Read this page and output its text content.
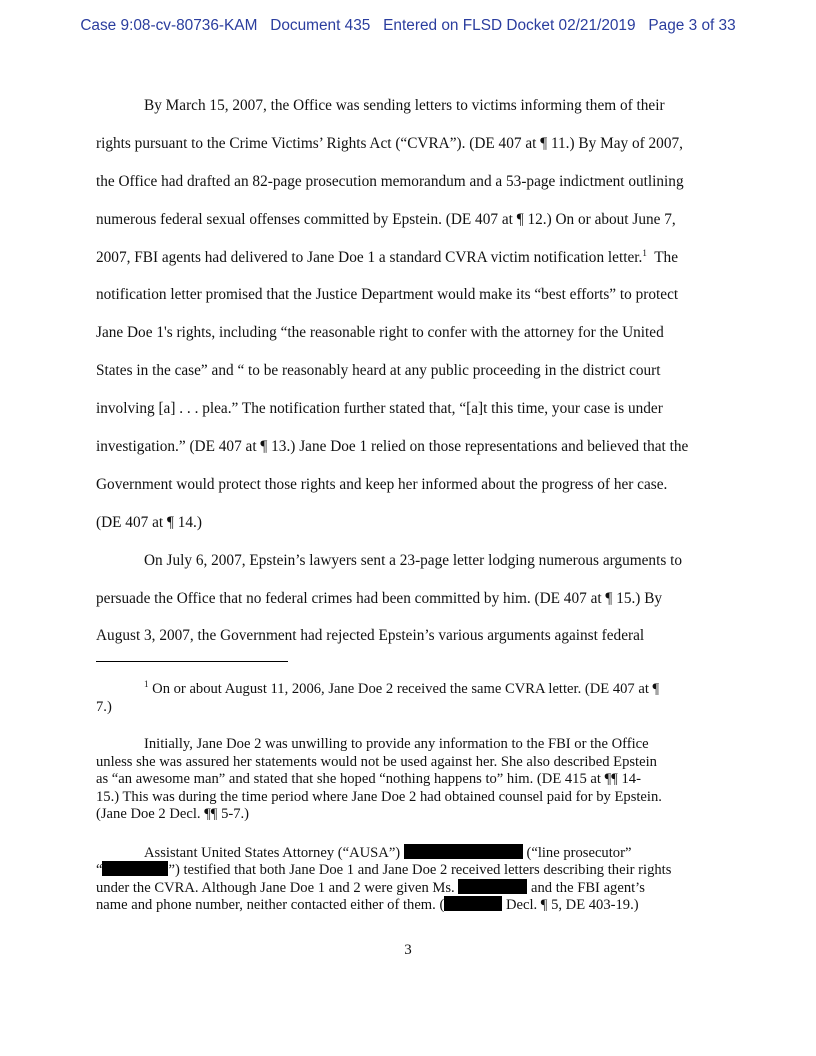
Case 9:08-cv-80736-KAM Document 435 Entered on FLSD Docket 02/21/2019 Page 3 of 33
By March 15, 2007, the Office was sending letters to victims informing them of their
rights pursuant to the Crime Victims’ Rights Act (“CVRA”). (DE 407 at ¶ 11.) By May of 2007,
the Office had drafted an 82-page prosecution memorandum and a 53-page indictment outlining
numerous federal sexual offenses committed by Epstein. (DE 407 at ¶ 12.) On or about June 7,
2007, FBI agents had delivered to Jane Doe 1 a standard CVRA victim notification letter.$^1$  The
notification letter promised that the Justice Department would make its “best efforts” to protect
Jane Doe 1's rights, including “the reasonable right to confer with the attorney for the United
States in the case” and “ to be reasonably heard at any public proceeding in the district court
involving [a] . . . plea.” The notification further stated that, “[a]t this time, your case is under
investigation.” (DE 407 at ¶ 13.) Jane Doe 1 relied on those representations and believed that the
Government would protect those rights and keep her informed about the progress of her case.
(DE 407 at ¶ 14.)
On July 6, 2007, Epstein’s lawyers sent a 23-page letter lodging numerous arguments to
persuade the Office that no federal crimes had been committed by him. (DE 407 at ¶ 15.) By
August 3, 2007, the Government had rejected Epstein’s various arguments against federal
$^1$ On or about August 11, 2006, Jane Doe 2 received the same CVRA letter. (DE 407 at ¶
7.)
Initially, Jane Doe 2 was unwilling to provide any information to the FBI or the Office
unless she was assured her statements would not be used against her. She also described Epstein
as “an awesome man” and stated that she hoped “nothing happens to” him. (DE 415 at ¶¶ 14-
15.) This was during the time period where Jane Doe 2 had obtained counsel paid for by Epstein.
(Jane Doe 2 Decl. ¶¶ 5-7.)
Assistant United States Attorney (“AUSA”)	(“line prosecutor”
“	”) testified that both Jane Doe 1 and Jane Doe 2 received letters describing their rights
under the CVRA. Although Jane Doe 1 and 2 were given Ms.	and the FBI agent’s
name and phone number, neither contacted either of them. (	Decl. ¶ 5, DE 403-19.)
3
